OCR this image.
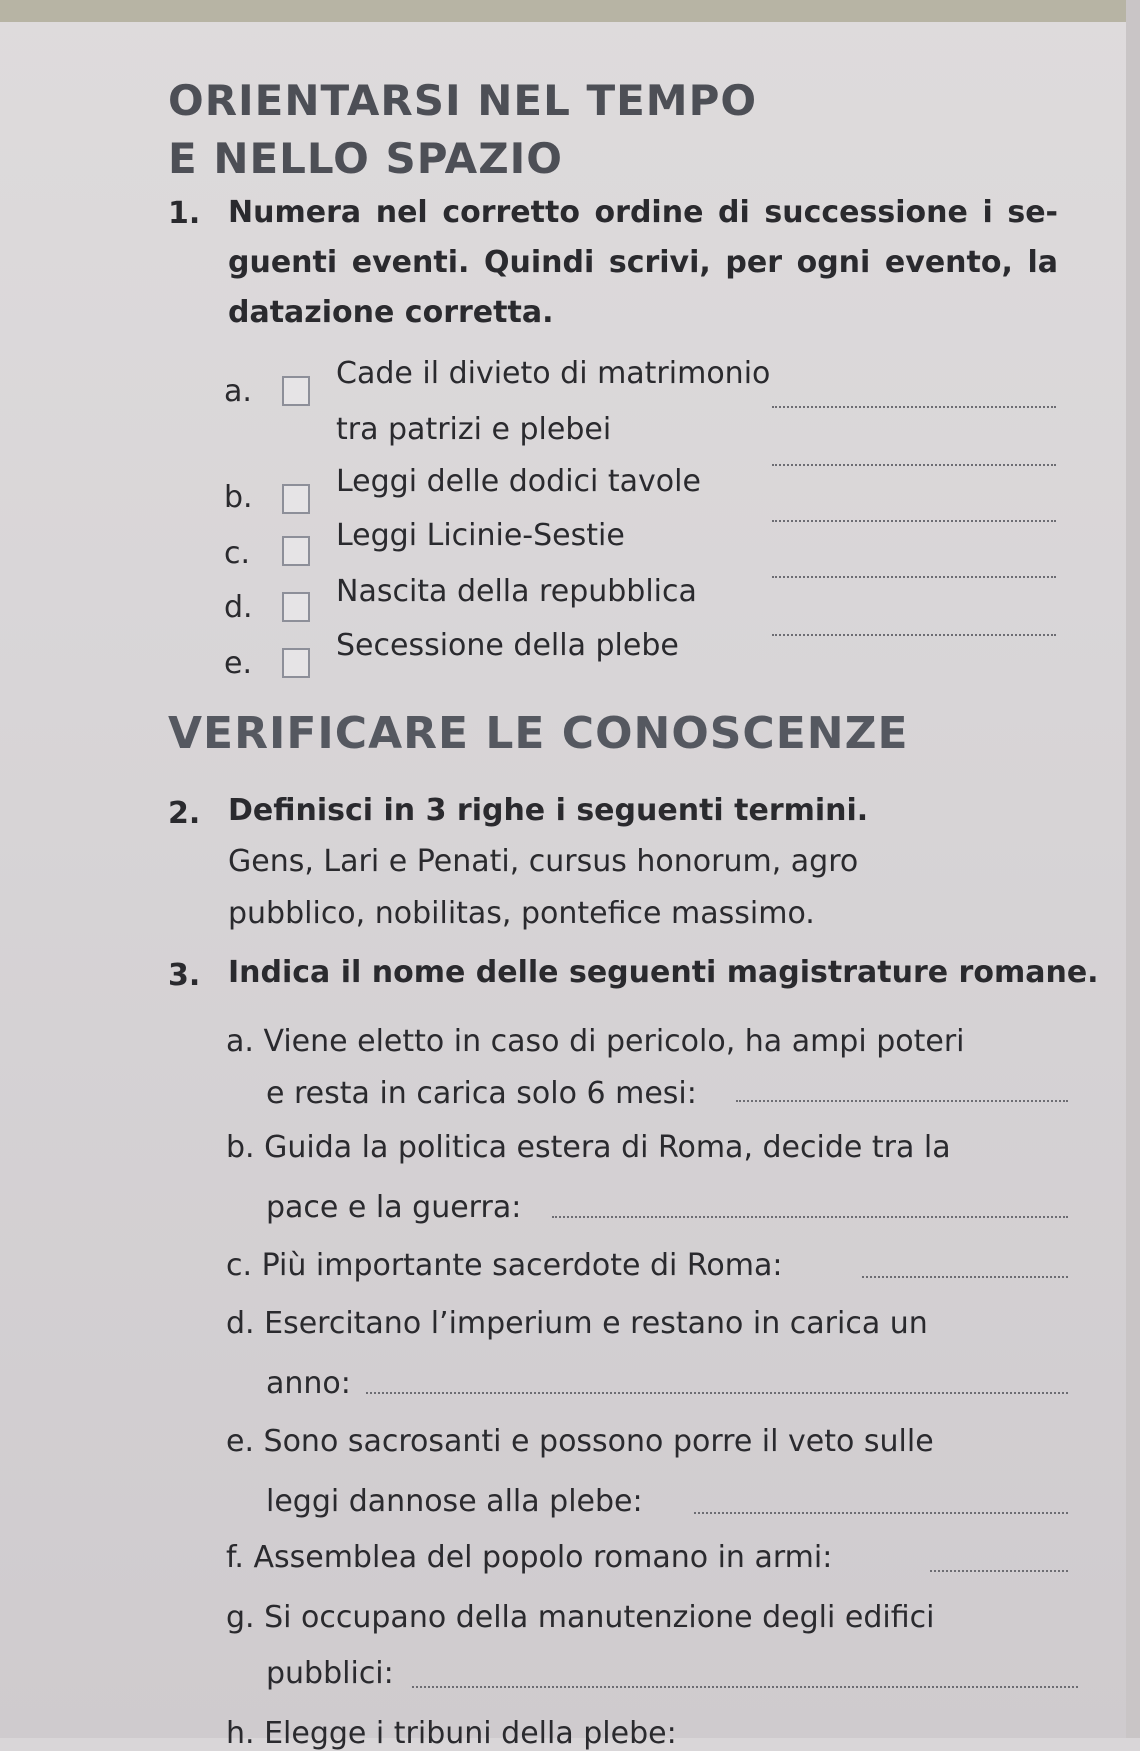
ORIENTARSI NEL TEMPO
E NELLO SPAZIO
1. Numera nel corretto ordine di successione i se- guenti eventi. Quindi scrivi, per ogni evento, la datazione corretta.

a.
Cade il divieto di matrimonio
tra patrizi e plebei
b.	Leggi delle dodici tavole
c.
Leggi Licinie-Sestie
d.	Nascita della repubblica
e.
Secessione della plebe
VERIFICARE LE CONOSCENZE
2. Definisci in 3 righe i seguenti termini.

Gens, Lari e Penati, cursus honorum, agro pubblico, nobilitas, pontefice massimo.

3. Indica il nome delle seguenti magistrature romane.
a. Viene eletto in caso di pericolo, ha ampi poteri
e resta in carica solo 6 mesi:
b. Guida la politica estera di Roma, decide tra la
pace e la guerra:
c. Più importante sacerdote di Roma:
d. Esercitano l’imperium e restano in carica un
anno:
e. Sono sacrosanti e possono porre il veto sulle
leggi dannose alla plebe:
f. Assemblea del popolo romano in armi:
g. Si occupano della manutenzione degli edifici
pubblici:
h. Elegge i tribuni della plebe:
